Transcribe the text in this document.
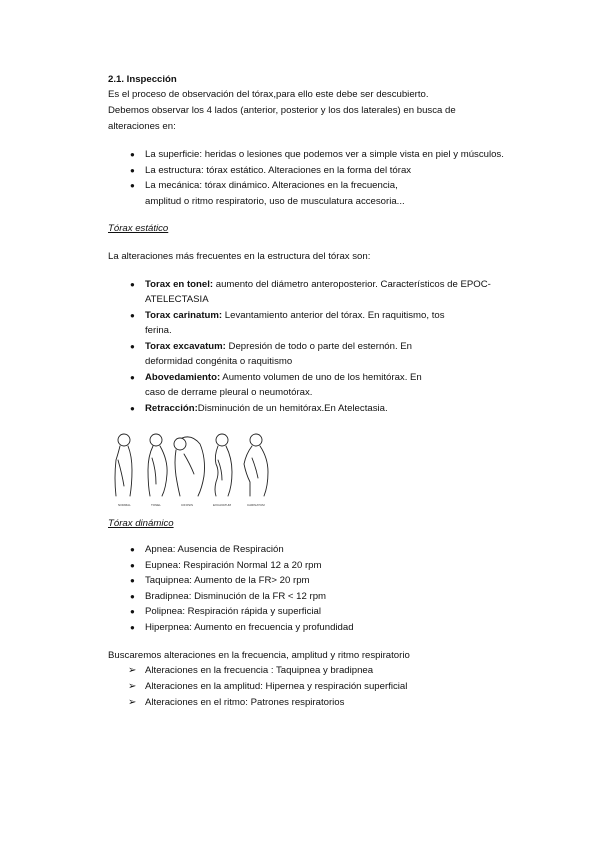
2.1. Inspección
Es el proceso de observación del tórax,para ello este debe ser descubierto.
Debemos observar los 4 lados (anterior, posterior y los dos laterales) en busca de
alteraciones en:
● La superficie: heridas o lesiones que podemos ver a simple vista en piel y músculos.
● La estructura: tórax estático. Alteraciones en la forma del tórax
● La mecánica: tórax dinámico. Alteraciones en la frecuencia,
amplitud o ritmo respiratorio, uso de musculatura accesoria...
Tórax estático
La alteraciones más frecuentes en la estructura del tórax son:
● Torax en tonel: aumento del diámetro anteroposterior. Característicos de EPOC-
ATELECTASIA
● Torax carinatum: Levantamiento anterior del tórax. En raquitismo, tos
ferina.
● Torax excavatum: Depresión de todo o parte del esternón. En
deformidad congénita o raquitismo
● Abovedamiento: Aumento volumen de uno de los hemitórax. En
caso de derrame pleural o neumotórax.
● Retracción:Disminución de un hemitórax.En Atelectasia.
NORMAL	TONEL	CIFOSIS	EXCAVATUM	CARINATUM
Tórax dinámico
● Apnea: Ausencia de Respiración
● Eupnea: Respiración Normal 12 a 20 rpm
● Taquipnea: Aumento de la FR> 20 rpm
● Bradipnea: Disminución de la FR < 12 rpm
● Polipnea: Respiración rápida y superficial
● Hiperpnea: Aumento en frecuencia y profundidad
Buscaremos alteraciones en la frecuencia, amplitud y ritmo respiratorio
➢ Alteraciones en la frecuencia : Taquipnea y bradipnea
➢ Alteraciones en la amplitud: Hipernea y respiración superficial
➢ Alteraciones en el ritmo: Patrones respiratorios
